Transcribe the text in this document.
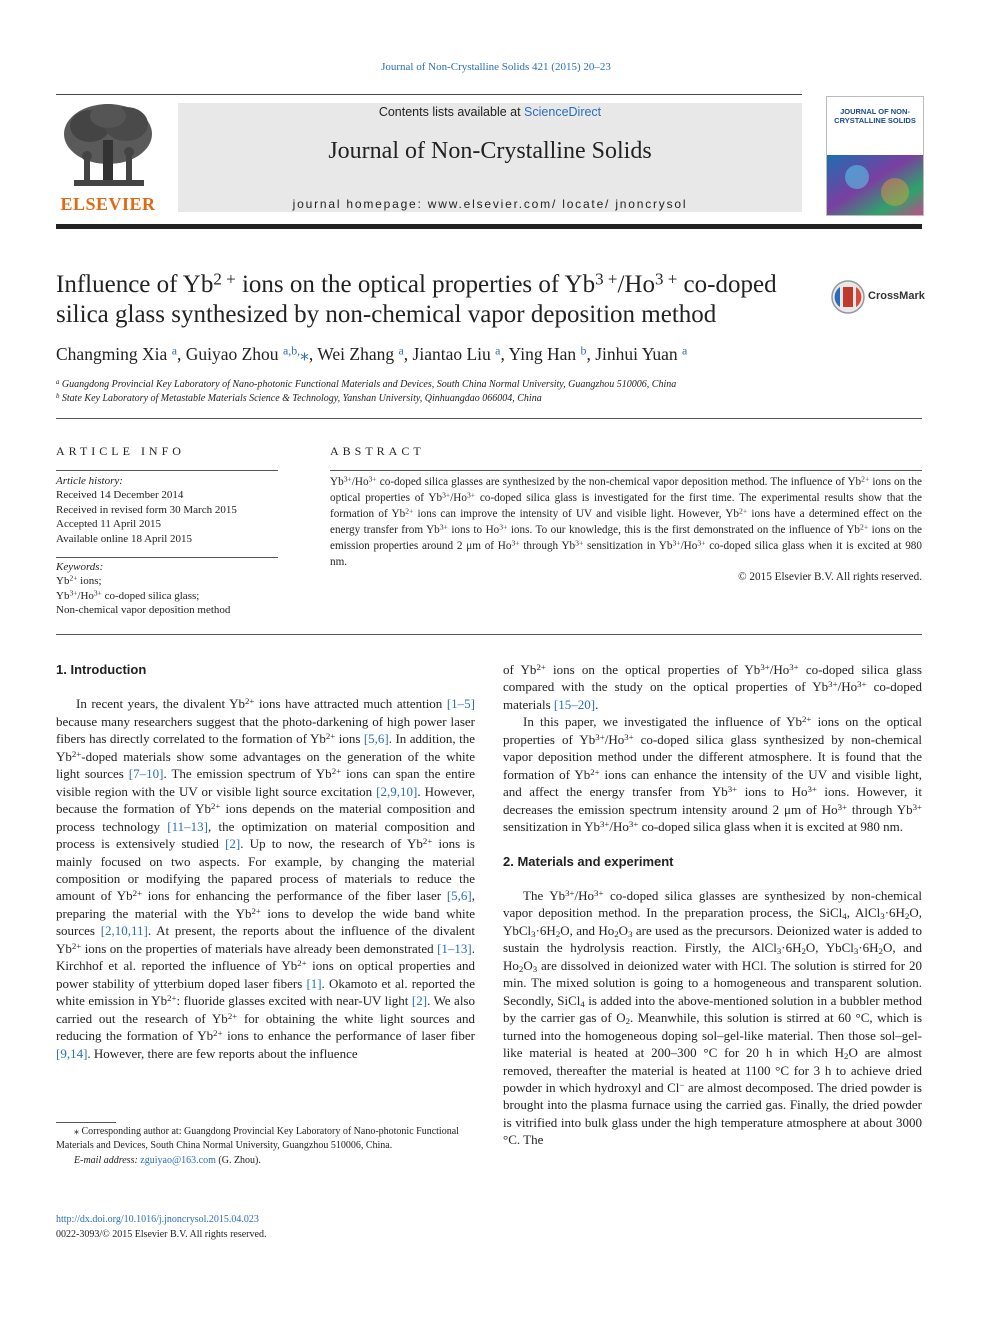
Journal of Non-Crystalline Solids 421 (2015) 20–23
ELSEVIER
Contents lists available at ScienceDirect
Journal of Non-Crystalline Solids
journal homepage: www.elsevier.com/ locate/ jnoncrysol
JOURNAL OF NON-CRYSTALLINE SOLIDS
Influence of $Yb^{2 +}$ ions on the optical properties of $Yb^{3 +}/Ho^{3 +}$ co-doped silica glass synthesized by non-chemical vapor deposition method
CrossMark
Changming Xia $^a$, Guiyao Zhou $^{a,b,}$⁎, Wei Zhang $^a$, Jiantao Liu $^a$, Ying Han $^b$, Jinhui Yuan $^a$
$^a$ Guangdong Provincial Key Laboratory of Nano-photonic Functional Materials and Devices, South China Normal University, Guangzhou 510006, China
$^b$ State Key Laboratory of Metastable Materials Science & Technology, Yanshan University, Qinhuangdao 066004, China
ARTICLE INFO	ABSTRACT
Article history:
Received 14 December 2014
Received in revised form 30 March 2015
Accepted 11 April 2015
Available online 18 April 2015
Keywords:
$Yb^{2+}$ ions;
$Yb^{3+}/Ho^{3+}$ co-doped silica glass;
Non-chemical vapor deposition method
$Yb^{3+}/Ho^{3+}$ co-doped silica glasses are synthesized by the non-chemical vapor deposition method. The influence of $Yb^{2+}$ ions on the optical properties of $Yb^{3+}/Ho^{3+}$ co-doped silica glass is investigated for the first time. The experimental results show that the formation of $Yb^{2+}$ ions can improve the intensity of UV and visible light. However, $Yb^{2+}$ ions have a determined effect on the energy transfer from $Yb^{3+}$ ions to $Ho^{3+}$ ions. To our knowledge, this is the first demonstrated on the influence of $Yb^{2+}$ ions on the emission properties around 2 μm of $Ho^{3+}$ through $Yb^{3+}$ sensitization in $Yb^{3+}/Ho^{3+}$ co-doped silica glass when it is excited at 980 nm.
© 2015 Elsevier B.V. All rights reserved.
1. Introduction

In recent years, the divalent $Yb^{2+}$ ions have attracted much attention [1–5] because many researchers suggest that the photo-darkening of high power laser fibers has directly correlated to the formation of $Yb^{2+}$ ions [5,6]. In addition, the $Yb^{2+}$-doped materials show some advantages on the generation of the white light sources [7–10]. The emission spectrum of $Yb^{2+}$ ions can span the entire visible region with the UV or visible light source excitation [2,9,10]. However, because the formation of $Yb^{2+}$ ions depends on the material composition and process technology [11–13], the optimization on material composition and process is extensively studied [2]. Up to now, the research of $Yb^{2+}$ ions is mainly focused on two aspects. For example, by changing the material composition or modifying the papared process of materials to reduce the amount of $Yb^{2+}$ ions for enhancing the performance of the fiber laser [5,6], preparing the material with the $Yb^{2+}$ ions to develop the wide band white sources [2,10,11]. At present, the reports about the influence of the divalent $Yb^{2+}$ ions on the properties of materials have already been demonstrated [1–13]. Kirchhof et al. reported the influence of $Yb^{2+}$ ions on optical properties and power stability of ytterbium doped laser fibers [1]. Okamoto et al. reported the white emission in $Yb^{2+}$: fluoride glasses excited with near-UV light [2]. We also carried out the research of $Yb^{2+}$ for obtaining the white light sources and reducing the formation of $Yb^{2+}$ ions to enhance the performance of laser fiber [9,14]. However, there are few reports about the influence

of $Yb^{2+}$ ions on the optical properties of $Yb^{3+}/Ho^{3+}$ co-doped silica glass compared with the study on the optical properties of $Yb^{3+}/Ho^{3+}$ co-doped materials [15–20].

In this paper, we investigated the influence of $Yb^{2+}$ ions on the optical properties of $Yb^{3+}/Ho^{3+}$ co-doped silica glass synthesized by non-chemical vapor deposition method under the different atmosphere. It is found that the formation of $Yb^{2+}$ ions can enhance the intensity of the UV and visible light, and affect the energy transfer from $Yb^{3+}$ ions to $Ho^{3+}$ ions. However, it decreases the emission spectrum intensity around 2 μm of $Ho^{3+}$ through $Yb^{3+}$ sensitization in $Yb^{3+}/Ho^{3+}$ co-doped silica glass when it is excited at 980 nm.

2. Materials and experiment

The $Yb^{3+}/Ho^{3+}$ co-doped silica glasses are synthesized by non-chemical vapor deposition method. In the preparation process, the SiCl$_4$, $AlCl_3\cdot 6H_2O$, $YbCl_3\cdot 6H_2O$, and $Ho_2O_3$ are used as the precursors. Deionized water is added to sustain the hydrolysis reaction. Firstly, the $AlCl_3\cdot 6H_2O$, $YbCl_3\cdot 6H_2O$, and $Ho_2O_3$ are dissolved in deionized water with HCl. The solution is stirred for 20 min. The mixed solution is going to a homogeneous and transparent solution. Secondly, SiCl$_4$ is added into the above-mentioned solution in a bubbler method by the carrier gas of $O_2$. Meanwhile, this solution is stirred at 60 °C, which is turned into the homogeneous doping sol–gel-like material. Then those sol–gel-like material is heated at 200–300 °C for 20 h in which $H_2O$ are almost removed, thereafter the material is heated at 1100 °C for 3 h to achieve dried powder in which hydroxyl and Cl− are almost decomposed. The dried powder is brought into the plasma furnace using the carried gas. Finally, the dried powder is vitrified into bulk glass under the high temperature atmosphere at about 3000 °C. The

⁎ Corresponding author at: Guangdong Provincial Key Laboratory of Nano-photonic Functional Materials and Devices, South China Normal University, Guangzhou 510006, China.
E-mail address: zguiyao@163.com (G. Zhou).
http://dx.doi.org/10.1016/j.jnoncrysol.2015.04.023
0022-3093/© 2015 Elsevier B.V. All rights reserved.
